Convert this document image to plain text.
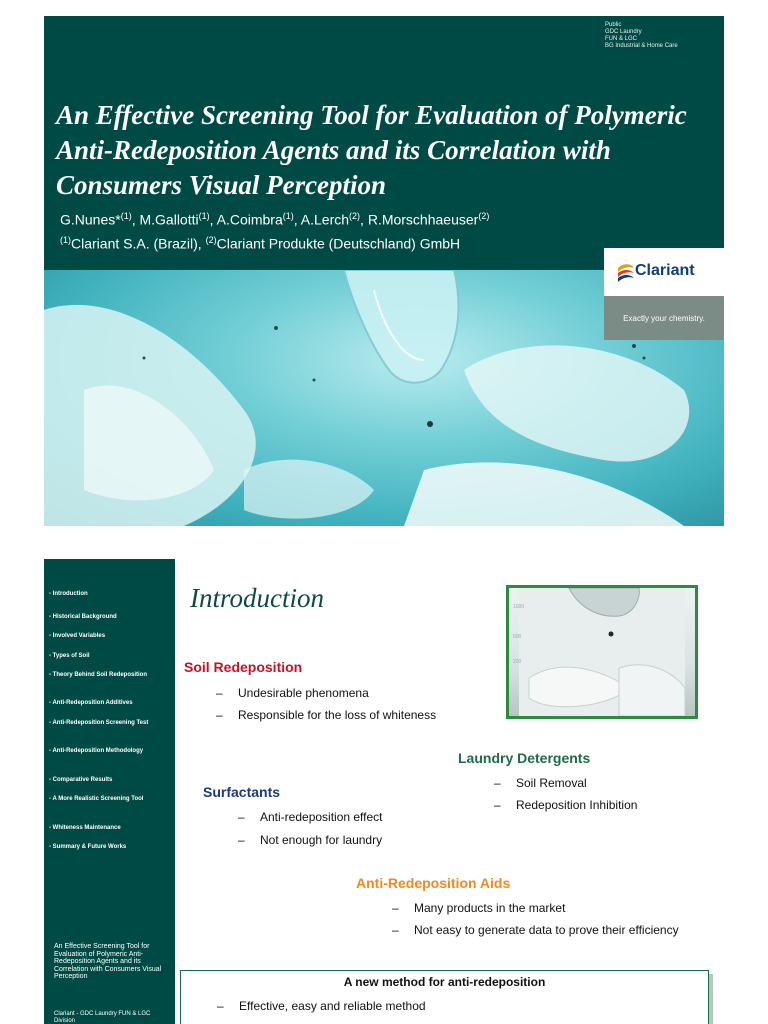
Public
GDC Laundry
FUN & LGC
BG Industrial & Home Care
An Effective Screening Tool for Evaluation of Polymeric Anti-Redeposition Agents and its Correlation with Consumers Visual Perception
G.Nunes*$^{(1)}$, M.Gallotti$^{(1)}$, A.Coimbra$^{(1)}$, A.Lerch$^{(2)}$, R.Morschhaeuser$^{(2)}$
$^{(1)}$Clariant S.A. (Brazil), $^{(2)}$Clariant Produkte (Deutschland) GmbH
Clariant
Exactly your chemistry.
- Introduction
- Historical Background
- Involved Variables
- Types of Soil
- Theory Behind Soil Redeposition
- Anti-Redeposition Additives
- Anti-Redeposition Screening Test
- Anti-Redeposition Methodology
- Comparative Results
- A More Realistic Screening Tool
- Whiteness Maintenance
- Summary & Future Works
An Effective Screening Tool for Evaluation of Polymeric Anti-Redeposition Agents and its Correlation with Consumers Visual Perception
Clariant - GDC Laundry FUN & LGC Division
Introduction
Soil Redeposition
– Undesirable phenomena
– Responsible for the loss of whiteness
1000
500
200
Laundry Detergents
– Soil Removal
– Redeposition Inhibition
Surfactants
– Anti-redeposition effect
– Not enough for laundry
Anti-Redeposition Aids
– Many products in the market
– Not easy to generate data to prove their efficiency
A new method for anti-redeposition
– Effective, easy and reliable method
